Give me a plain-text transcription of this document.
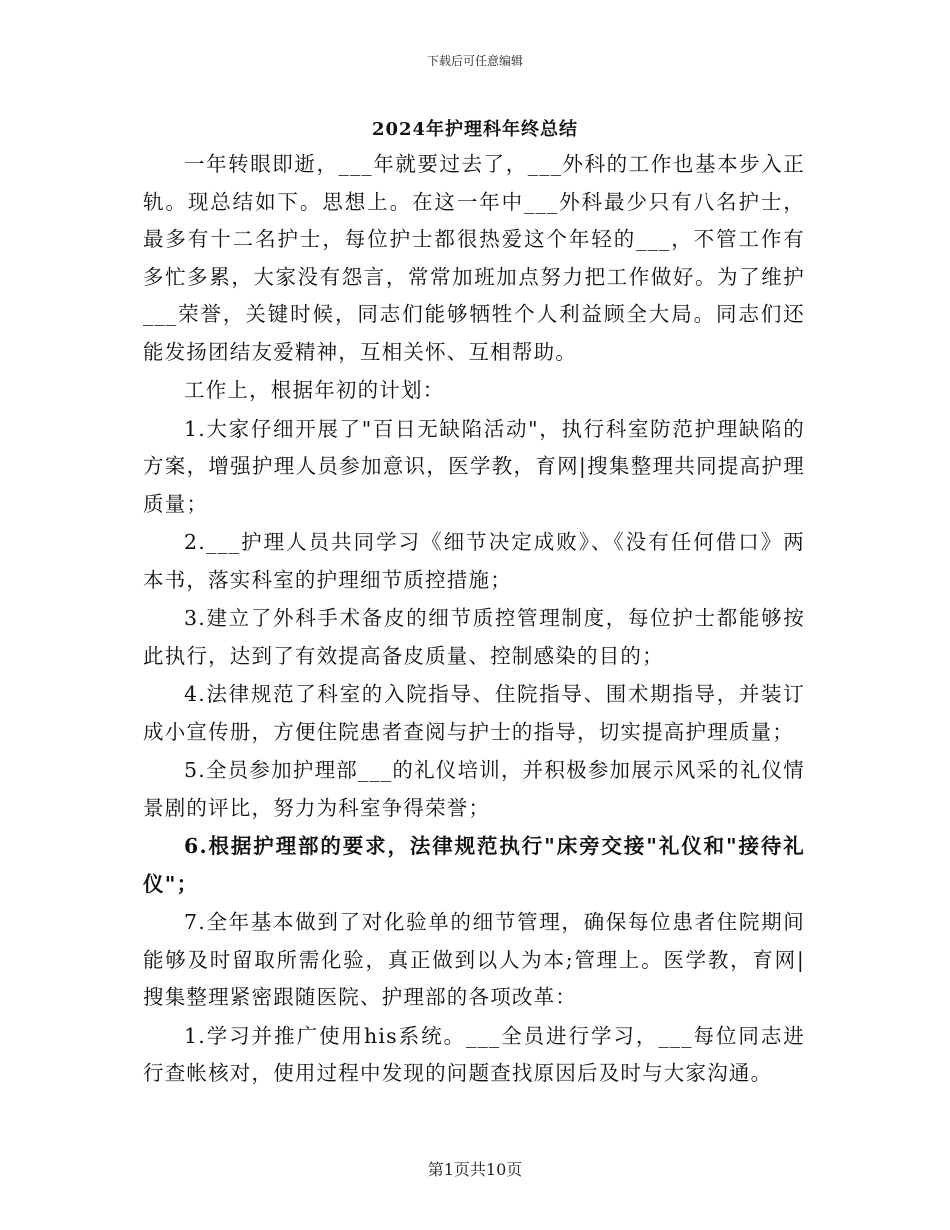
下载后可任意编辑
2024年护理科年终总结

一年转眼即逝，___年就要过去了，___外科的工作也基本步入正轨。现总结如下。思想上。在这一年中___外科最少只有八名护士，最多有十二名护士，每位护士都很热爱这个年轻的___，不管工作有多忙多累，大家没有怨言，常常加班加点努力把工作做好。为了维护___荣誉，关键时候，同志们能够牺牲个人利益顾全大局。同志们还能发扬团结友爱精神，互相关怀、互相帮助。

工作上，根据年初的计划：

1.大家仔细开展了"百日无缺陷活动"，执行科室防范护理缺陷的方案，增强护理人员参加意识，医学教，育网|搜集整理共同提高护理质量；

2.___护理人员共同学习《细节决定成败》、《没有任何借口》两本书，落实科室的护理细节质控措施；

3.建立了外科手术备皮的细节质控管理制度，每位护士都能够按此执行，达到了有效提高备皮质量、控制感染的目的；

4.法律规范了科室的入院指导、住院指导、围术期指导，并装订成小宣传册，方便住院患者查阅与护士的指导，切实提高护理质量；

5.全员参加护理部___的礼仪培训，并积极参加展示风采的礼仪情景剧的评比，努力为科室争得荣誉；

6.根据护理部的要求，法律规范执行"床旁交接"礼仪和"接待礼仪"；

7.全年基本做到了对化验单的细节管理，确保每位患者住院期间能够及时留取所需化验，真正做到以人为本;管理上。医学教，育网|搜集整理紧密跟随医院、护理部的各项改革：

1.学习并推广使用his系统。___全员进行学习，___每位同志进行查帐核对，使用过程中发现的问题查找原因后及时与大家沟通。

第1页共10页
